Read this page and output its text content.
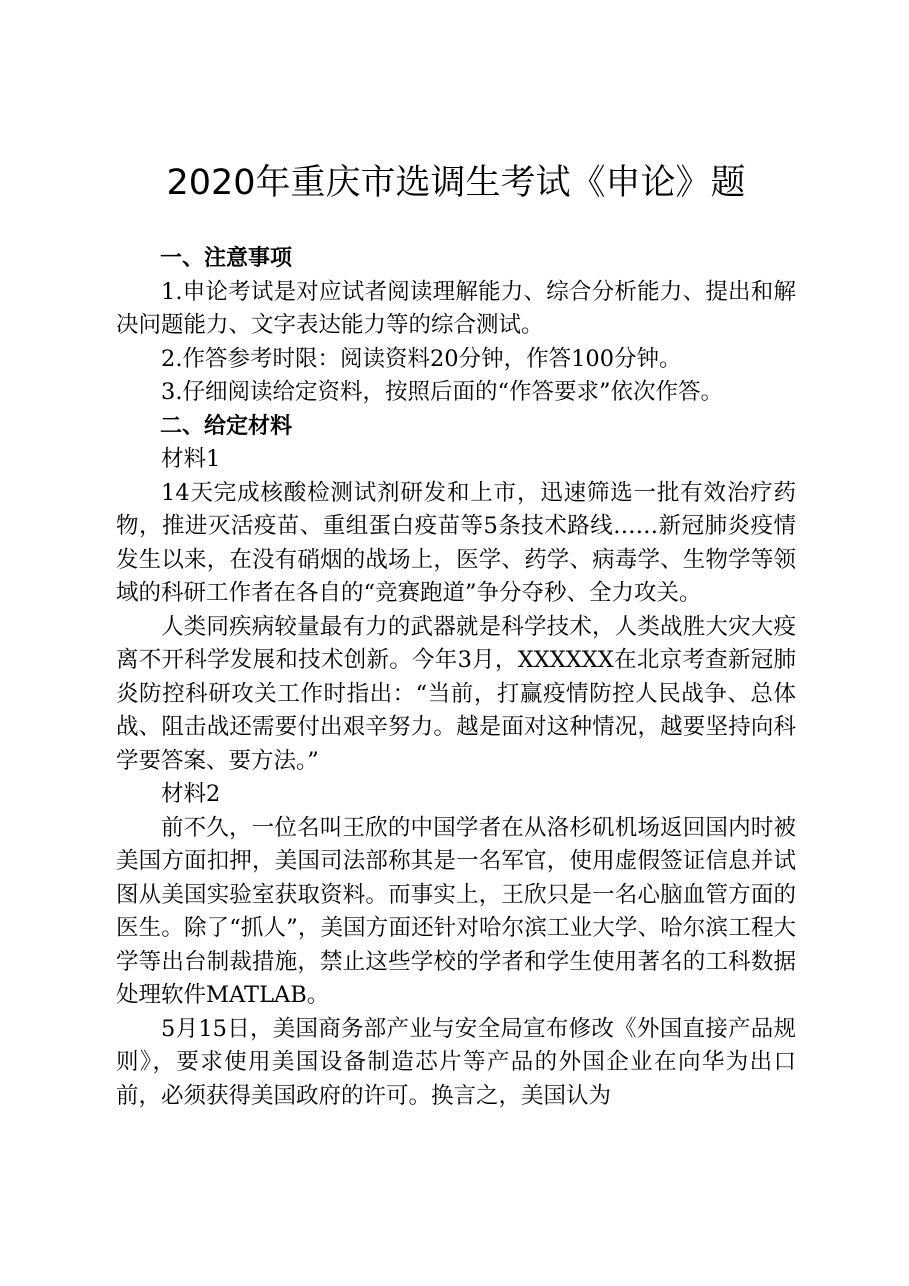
2020年重庆市选调生考试《申论》题

一、注意事项

1.申论考试是对应试者阅读理解能力、综合分析能力、提出和解决问题能力、文字表达能力等的综合测试。

2.作答参考时限：阅读资料20分钟，作答100分钟。

3.仔细阅读给定资料，按照后面的“作答要求”依次作答。

二、给定材料

材料1

14天完成核酸检测试剂研发和上市，迅速筛选一批有效治疗药物，推进灭活疫苗、重组蛋白疫苗等5条技术路线……新冠肺炎疫情发生以来，在没有硝烟的战场上，医学、药学、病毒学、生物学等领域的科研工作者在各自的“竞赛跑道”争分夺秒、全力攻关。

人类同疾病较量最有力的武器就是科学技术，人类战胜大灾大疫离不开科学发展和技术创新。今年3月，XXXXXX在北京考查新冠肺炎防控科研攻关工作时指出：“当前，打赢疫情防控人民战争、总体战、阻击战还需要付出艰辛努力。越是面对这种情况，越要坚持向科学要答案、要方法。”

材料2

前不久，一位名叫王欣的中国学者在从洛杉矶机场返回国内时被美国方面扣押，美国司法部称其是一名军官，使用虚假签证信息并试图从美国实验室获取资料。而事实上，王欣只是一名心脑血管方面的医生。除了“抓人”，美国方面还针对哈尔滨工业大学、哈尔滨工程大学等出台制裁措施，禁止这些学校的学者和学生使用著名的工科数据处理软件MATLAB。

5月15日，美国商务部产业与安全局宣布修改《外国直接产品规则》，要求使用美国设备制造芯片等产品的外国企业在向华为出口前，必须获得美国政府的许可。换言之，美国认为
